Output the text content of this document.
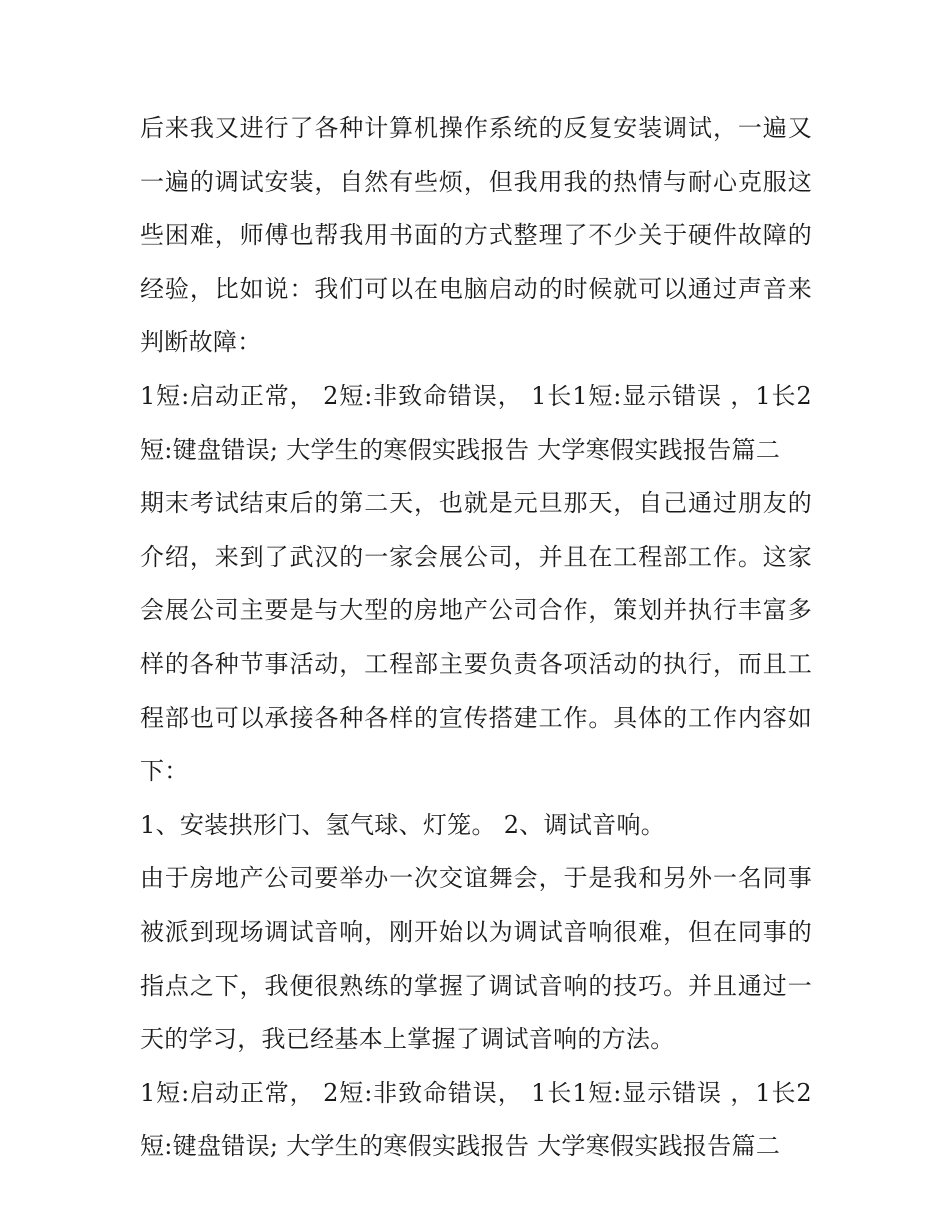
后来我又进行了各种计算机操作系统的反复安装调试，一遍又一遍的调试安装，自然有些烦，但我用我的热情与耐心克服这些困难，师傅也帮我用书面的方式整理了不少关于硬件故障的经验，比如说：我们可以在电脑启动的时候就可以通过声音来判断故障：

1短:启动正常， 2短:非致命错误， 1长1短:显示错误 ，1长2短:键盘错误; 大学生的寒假实践报告 大学寒假实践报告篇二

期末考试结束后的第二天，也就是元旦那天，自己通过朋友的介绍，来到了武汉的一家会展公司，并且在工程部工作。这家会展公司主要是与大型的房地产公司合作，策划并执行丰富多样的各种节事活动，工程部主要负责各项活动的执行，而且工程部也可以承接各种各样的宣传搭建工作。具体的工作内容如下：

1、安装拱形门、氢气球、灯笼。 2、调试音响。

由于房地产公司要举办一次交谊舞会，于是我和另外一名同事被派到现场调试音响，刚开始以为调试音响很难，但在同事的指点之下，我便很熟练的掌握了调试音响的技巧。并且通过一天的学习，我已经基本上掌握了调试音响的方法。

1短:启动正常， 2短:非致命错误， 1长1短:显示错误 ，1长2短:键盘错误; 大学生的寒假实践报告 大学寒假实践报告篇二
